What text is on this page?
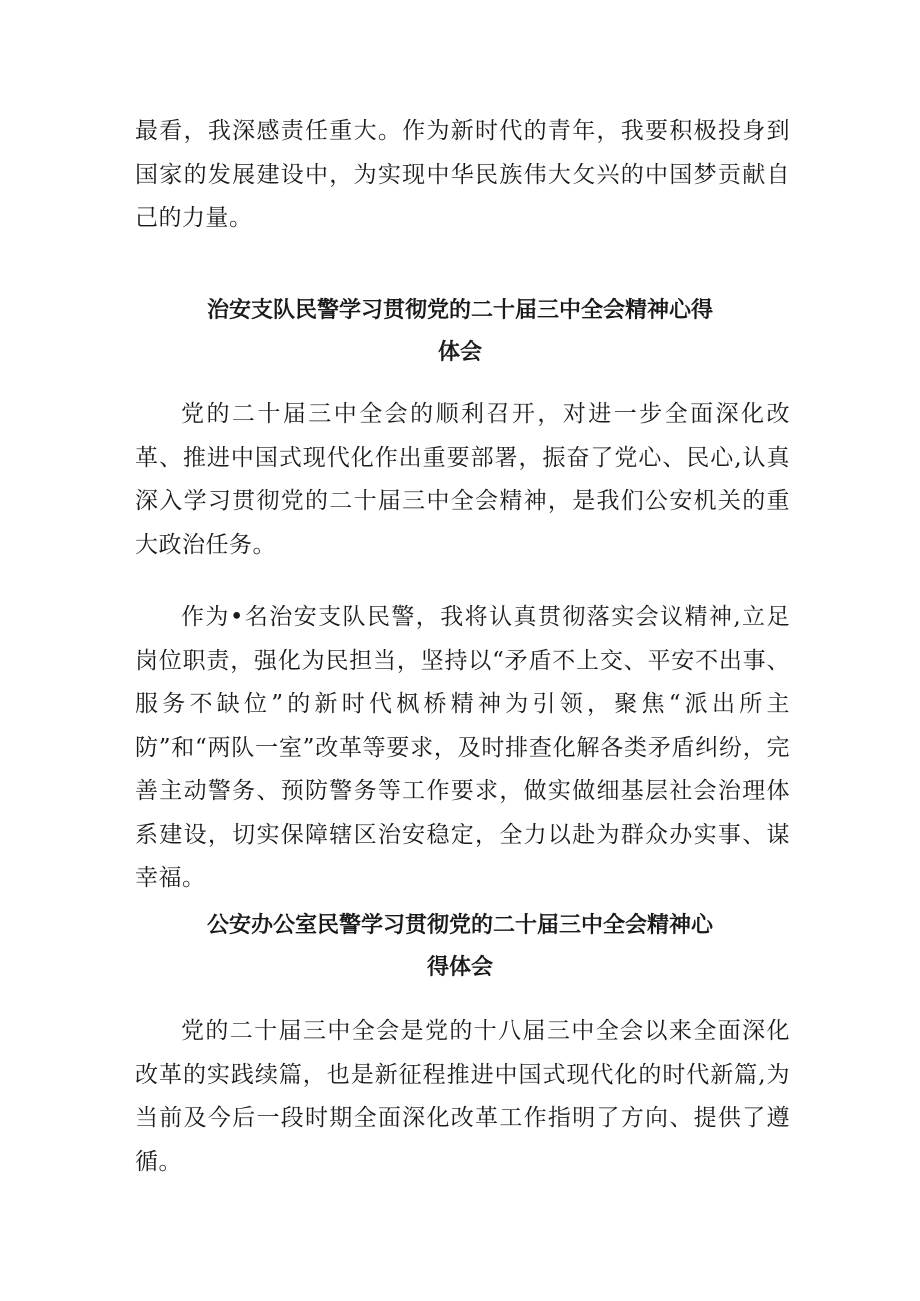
最看，我深感责任重大。作为新时代的青年，我要积极投身到国家的发展建设中，为实现中华民族伟大攵兴的中国梦贡献自己的力量。

治安支队民警学习贯彻党的二十届三中全会精神心得
体会

党的二十届三中全会的顺利召开，对进一步全面深化改革、推进中国式现代化作出重要部署，振奋了党心、民心,认真深入学习贯彻党的二十届三中全会精神，是我们公安机关的重大政治任务。

作为•名治安支队民警，我将认真贯彻落实会议精神,立足岗位职责，强化为民担当，坚持以“矛盾不上交、平安不出事、服务不缺位”的新时代枫桥精神为引领，聚焦“派出所主防”和“两队一室”改革等要求，及时排查化解各类矛盾纠纷，完善主动警务、预防警务等工作要求，做实做细基层社会治理体系建设，切实保障辖区治安稳定，全力以赴为群众办实事、谋幸福。

公安办公室民警学习贯彻党的二十届三中全会精神心
得体会

党的二十届三中全会是党的十八届三中全会以来全面深化改革的实践续篇，也是新征程推进中国式现代化的时代新篇,为当前及今后一段时期全面深化改革工作指明了方向、提供了遵循。
